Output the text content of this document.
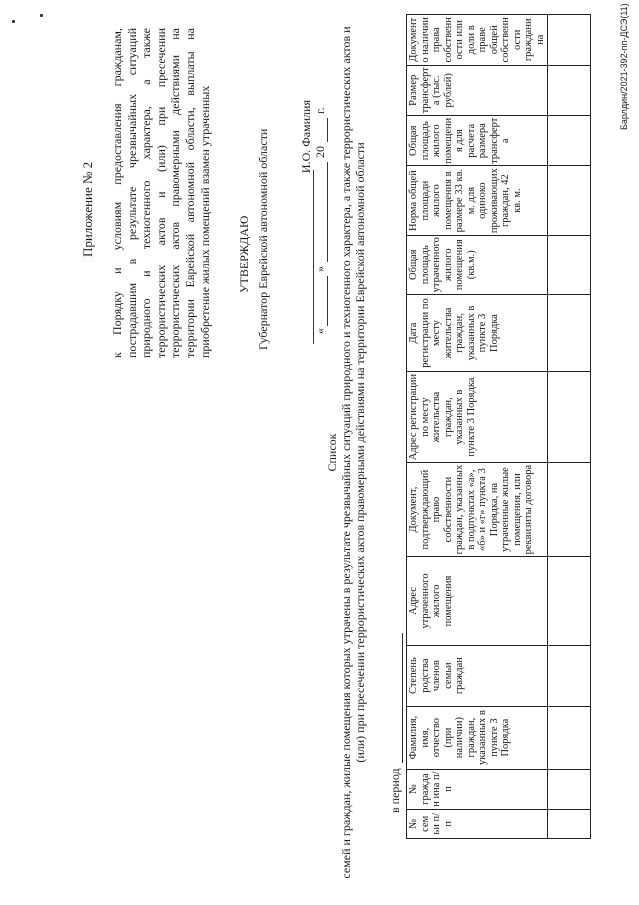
Приложение № 2 к Порядку и условиям предоставления гражданам, пострадавшим в результате чрезвычайных ситуаций природного и техногенного характера, а также террористических актов и (или) при пресечении террористических актов правомерными действиями на территории Еврейской автономной области, выплаты на приобретение жилых помещений взамен утраченных УТВЕРЖДАЮ Губернатор Еврейской автономной области И.О. Фамилия
«
»
20
г.
Список семей и граждан, жилые помещения которых утрачены в результате чрезвычайных ситуаций природного и техногенного характера, а также террористических актов и (или) при пресечении террористических актов правомерными действиями на территории Еврейской автономной области
в период
№ сем ьи п/п	№ граждан ина п/п	Фамилия, имя, отчество (при наличии) граждан, указанных в пункте 3 Порядка	Степень родства членов семьи граждан	Адрес утраченного жилого помещения	Документ, подтверждающий право собственности граждан, указанных в подпунктах «а», «б» и «г» пункта 3 Порядка, на утраченные жилые помещения, или реквизиты договора	Адрес регистрации по месту жительства граждан, указанных в пункте 3 Порядка	Дата регистрации по месту жительства граждан, указанных в пункте 3 Порядка	Общая площадь утраченного жилого помещения (кв.м.)	Норма общей площади жилого помещения в размере 33 кв. м. для одиноко проживающих граждан, 42 кв. м.	Общая площадь жилого помещения для расчета размера трансферта	Размер трансферта (тыс. рублей)	Документ о наличии права собственности или доли в праве общей собственности гражданина
													Барлдин/2021-392-пп-ДСЭ(11)
